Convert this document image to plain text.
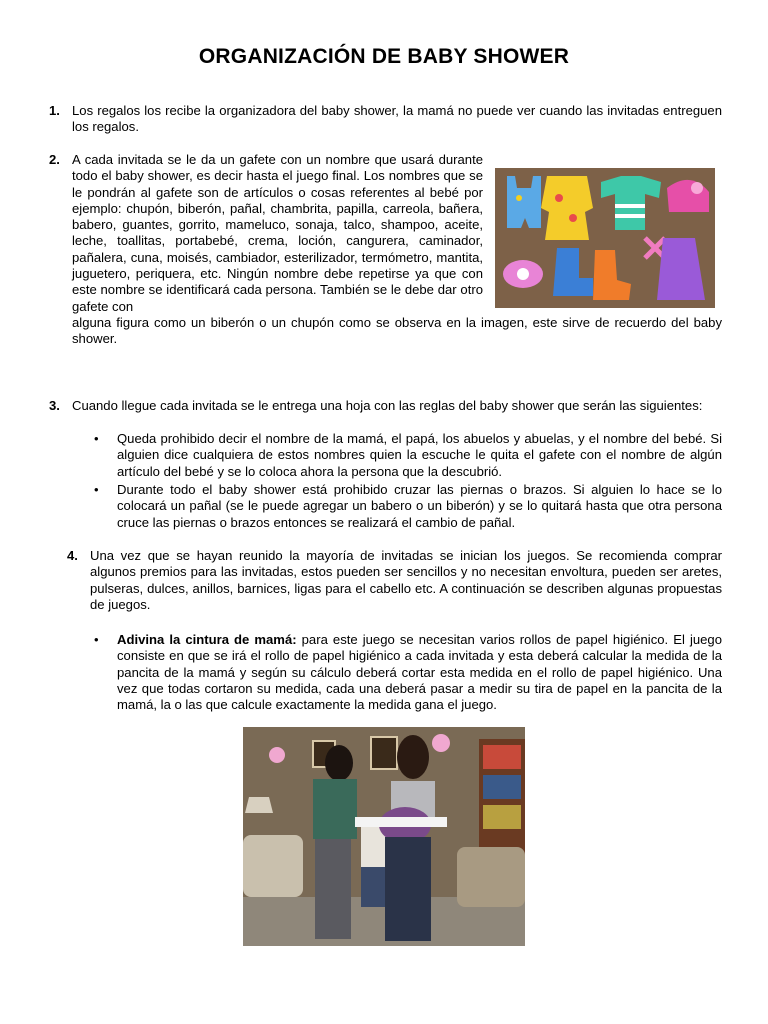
ORGANIZACIÓN DE BABY SHOWER
1. Los regalos los recibe la organizadora del baby shower, la mamá no puede ver cuando las invitadas entreguen los regalos.
2. A cada invitada se le da un gafete con un nombre que usará durante todo el baby shower, es decir hasta el juego final. Los nombres que se le pondrán al gafete son de artículos o cosas referentes al bebé por ejemplo: chupón, biberón, pañal, chambrita, papilla, carreola, bañera, babero, guantes, gorrito, mameluco, sonaja, talco, shampoo, aceite, leche, toallitas, portabebé, crema, loción, cangurera, caminador, pañalera, cuna, moisés, cambiador, esterilizador, termómetro, mantita, juguetero, periquera, etc. Ningún nombre debe repetirse ya que con este nombre se identificará cada persona. También se le debe dar otro gafete con
alguna figura como un biberón o un chupón como se observa en la imagen, este sirve de recuerdo del baby shower.
3. Cuando llegue cada invitada se le entrega una hoja con las reglas del baby shower que serán las siguientes:
• Queda prohibido decir el nombre de la mamá, el papá, los abuelos y abuelas, y el nombre del bebé. Si alguien dice cualquiera de estos nombres quien la escuche le quita el gafete con el nombre de algún artículo del bebé y se lo coloca ahora la persona que la descubrió.
• Durante todo el baby shower está prohibido cruzar las piernas o brazos. Si alguien lo hace se lo colocará un pañal (se le puede agregar un babero o un biberón) y se lo quitará hasta que otra persona cruce las piernas o brazos entonces se realizará el cambio de pañal.
4. Una vez que se hayan reunido la mayoría de invitadas se inician los juegos. Se recomienda comprar algunos premios para las invitadas, estos pueden ser sencillos y no necesitan envoltura, pueden ser aretes, pulseras, dulces, anillos, barnices, ligas para el cabello etc. A continuación se describen algunas propuestas de juegos.
• Adivina la cintura de mamá: para este juego se necesitan varios rollos de papel higiénico. El juego consiste en que se irá el rollo de papel higiénico a cada invitada y esta deberá calcular la medida de la pancita de la mamá y según su cálculo deberá cortar esta medida en el rollo de papel higiénico. Una vez que todas cortaron su medida, cada una deberá pasar a medir su tira de papel en la pancita de la mamá, la o las que calcule exactamente la medida gana el juego.
